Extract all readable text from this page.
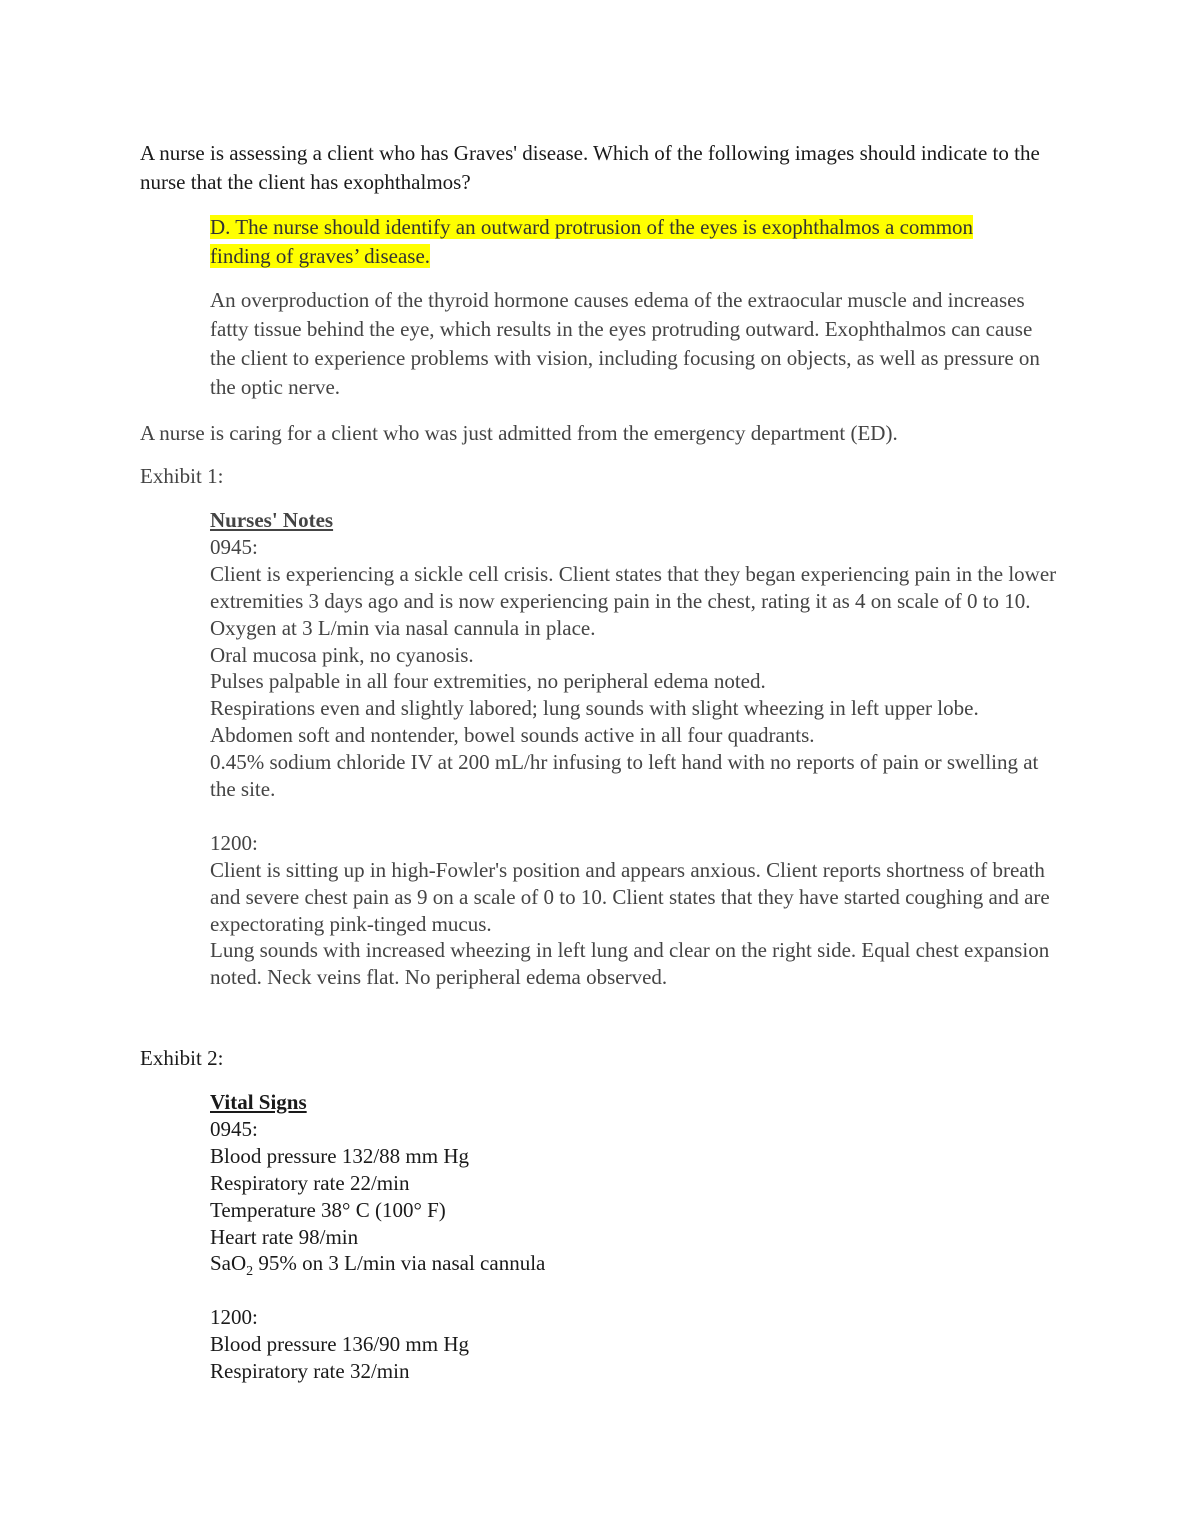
A nurse is assessing a client who has Graves' disease. Which of the following images should indicate to the nurse that the client has exophthalmos?

D. The nurse should identify an outward protrusion of the eyes is exophthalmos a common finding of graves’ disease.

An overproduction of the thyroid hormone causes edema of the extraocular muscle and increases fatty tissue behind the eye, which results in the eyes protruding outward. Exophthalmos can cause the client to experience problems with vision, including focusing on objects, as well as pressure on the optic nerve.

A nurse is caring for a client who was just admitted from the emergency department (ED).

Exhibit 1:

Nurses' Notes
0945:
Client is experiencing a sickle cell crisis. Client states that they began experiencing pain in the lower extremities 3 days ago and is now experiencing pain in the chest, rating it as 4 on scale of 0 to 10.
Oxygen at 3 L/min via nasal cannula in place.
Oral mucosa pink, no cyanosis.
Pulses palpable in all four extremities, no peripheral edema noted.
Respirations even and slightly labored; lung sounds with slight wheezing in left upper lobe.
Abdomen soft and nontender, bowel sounds active in all four quadrants.
0.45% sodium chloride IV at 200 mL/hr infusing to left hand with no reports of pain or swelling at the site.
1200:
Client is sitting up in high-Fowler's position and appears anxious. Client reports shortness of breath and severe chest pain as 9 on a scale of 0 to 10. Client states that they have started coughing and are expectorating pink-tinged mucus.
Lung sounds with increased wheezing in left lung and clear on the right side. Equal chest expansion noted. Neck veins flat. No peripheral edema observed.

Exhibit 2:

Vital Signs
0945:
Blood pressure 132/88 mm Hg
Respiratory rate 22/min
Temperature 38° C (100° F)
Heart rate 98/min
SaO$_2$ 95% on 3 L/min via nasal cannula
1200:
Blood pressure 136/90 mm Hg
Respiratory rate 32/min
